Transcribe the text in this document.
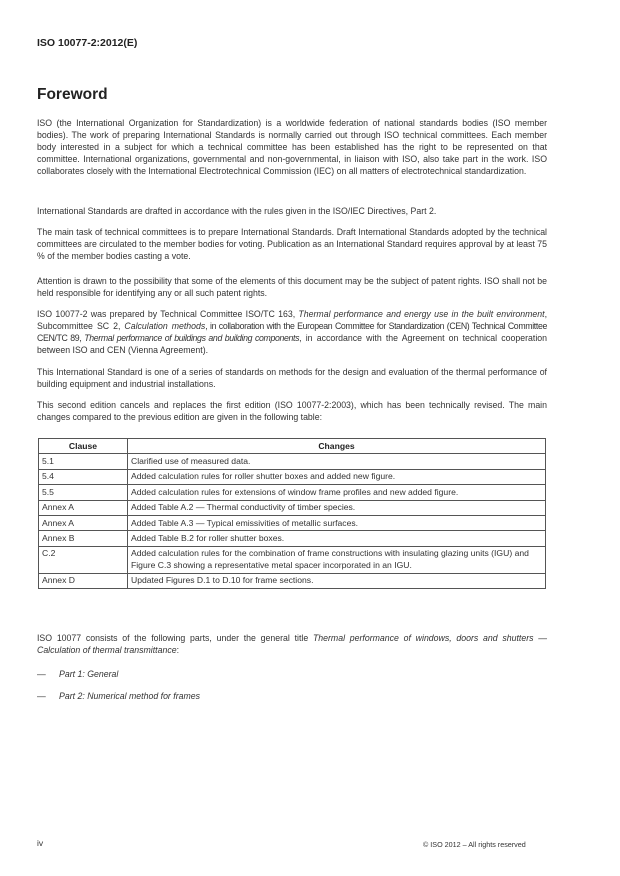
ISO 10077-2:2012(E)
Foreword
ISO (the International Organization for Standardization) is a worldwide federation of national standards bodies (ISO member bodies). The work of preparing International Standards is normally carried out through ISO technical committees. Each member body interested in a subject for which a technical committee has been established has the right to be represented on that committee. International organizations, governmental and non-governmental, in liaison with ISO, also take part in the work. ISO collaborates closely with the International Electrotechnical Commission (IEC) on all matters of electrotechnical standardization.
International Standards are drafted in accordance with the rules given in the ISO/IEC Directives, Part 2.
The main task of technical committees is to prepare International Standards. Draft International Standards adopted by the technical committees are circulated to the member bodies for voting. Publication as an International Standard requires approval by at least 75 % of the member bodies casting a vote.
Attention is drawn to the possibility that some of the elements of this document may be the subject of patent rights. ISO shall not be held responsible for identifying any or all such patent rights.
ISO 10077-2 was prepared by Technical Committee ISO/TC 163, Thermal performance and energy use in the built environment, Subcommittee SC 2, Calculation methods, in collaboration with the European Committee for Standardization (CEN) Technical Committee CEN/TC 89, Thermal performance of buildings and building components, in accordance with the Agreement on technical cooperation between ISO and CEN (Vienna Agreement).
This International Standard is one of a series of standards on methods for the design and evaluation of the thermal performance of building equipment and industrial installations.
This second edition cancels and replaces the first edition (ISO 10077-2:2003), which has been technically revised. The main changes compared to the previous edition are given in the following table:
Clause	Changes
5.1	Clarified use of measured data.
5.4	Added calculation rules for roller shutter boxes and added new figure.
5.5	Added calculation rules for extensions of window frame profiles and new added figure.
Annex A	Added Table A.2 — Thermal conductivity of timber species.
Annex A	Added Table A.3 — Typical emissivities of metallic surfaces.
Annex B	Added Table B.2 for roller shutter boxes.
C.2	Added calculation rules for the combination of frame constructions with insulating glazing units (IGU) and Figure C.3 showing a representative metal spacer incorporated in an IGU.
Annex D	Updated Figures D.1 to D.10 for frame sections.
ISO 10077 consists of the following parts, under the general title Thermal performance of windows, doors and shutters — Calculation of thermal transmittance:
— Part 1: General
— Part 2: Numerical method for frames
iv	© ISO 2012 – All rights reserved
